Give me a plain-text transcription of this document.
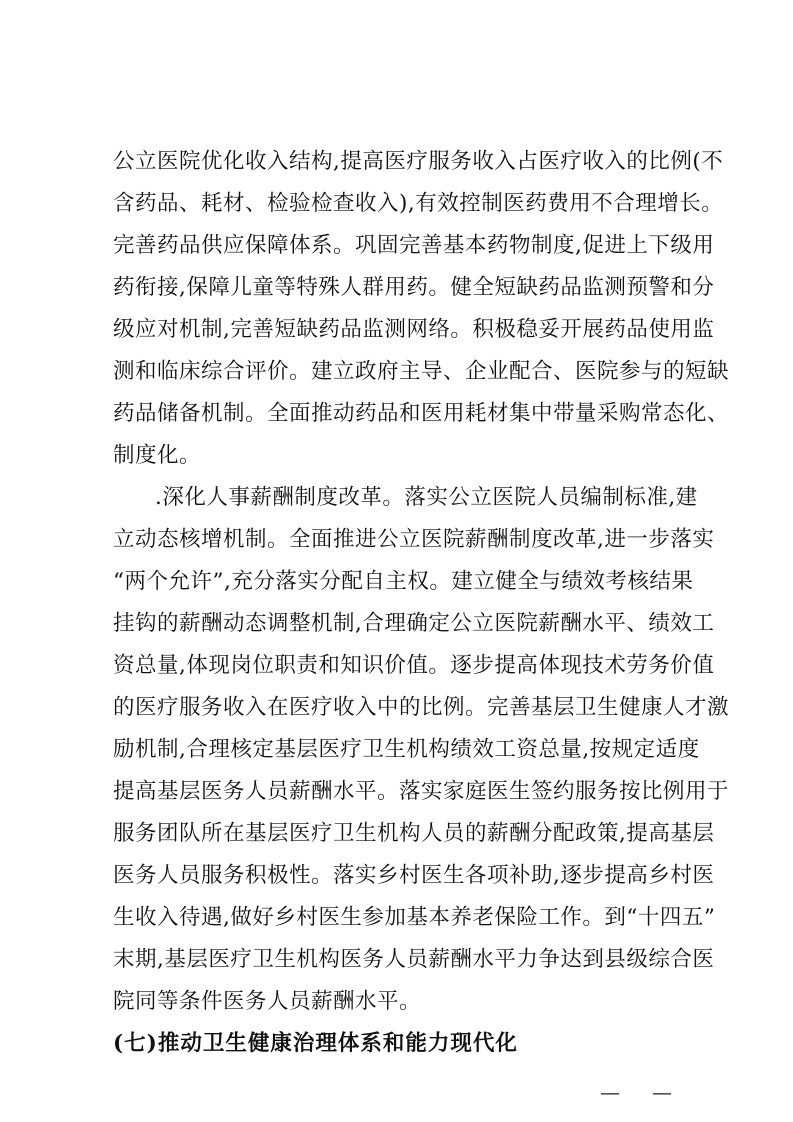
公立医院优化收入结构,提高医疗服务收入占医疗收入的比例(不
含药品、耗材、检验检查收入),有效控制医药费用不合理增长。
完善药品供应保障体系。巩固完善基本药物制度,促进上下级用
药衔接,保障儿童等特殊人群用药。健全短缺药品监测预警和分
级应对机制,完善短缺药品监测网络。积极稳妥开展药品使用监
测和临床综合评价。建立政府主导、企业配合、医院参与的短缺
药品储备机制。全面推动药品和医用耗材集中带量采购常态化、
制度化。
.深化人事薪酬制度改革。落实公立医院人员编制标准,建
立动态核增机制。全面推进公立医院薪酬制度改革,进一步落实
“两个允许”,充分落实分配自主权。建立健全与绩效考核结果
挂钩的薪酬动态调整机制,合理确定公立医院薪酬水平、绩效工
资总量,体现岗位职责和知识价值。逐步提高体现技术劳务价值
的医疗服务收入在医疗收入中的比例。完善基层卫生健康人才激
励机制,合理核定基层医疗卫生机构绩效工资总量,按规定适度
提高基层医务人员薪酬水平。落实家庭医生签约服务按比例用于
服务团队所在基层医疗卫生机构人员的薪酬分配政策,提高基层
医务人员服务积极性。落实乡村医生各项补助,逐步提高乡村医
生收入待遇,做好乡村医生参加基本养老保险工作。到“十四五”
末期,基层医疗卫生机构医务人员薪酬水平力争达到县级综合医
院同等条件医务人员薪酬水平。
(七)推动卫生健康治理体系和能力现代化
— —
